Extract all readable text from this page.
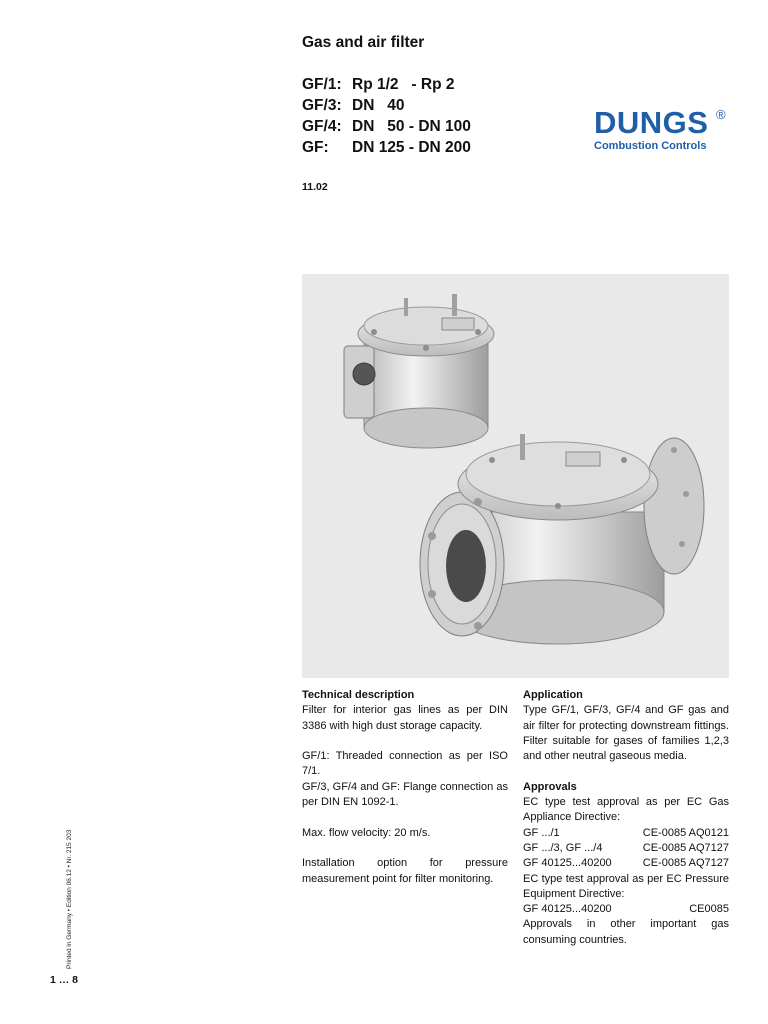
Gas and air filter
GF/1: Rp 1/2   - Rp 2
GF/3: DN   40
GF/4: DN   50 - DN 100
GF:	DN 125 - DN 200
11.02
DUNGS ®
Combustion Controls
Technical description
Filter for interior gas lines as per DIN 3386 with high dust storage capacity.
GF/1: Threaded connection as per ISO 7/1.
GF/3, GF/4 and GF: Flange connection as per DIN EN 1092-1.
Max. flow velocity: 20 m/s.
Installation option for pressure measurement point for filter monitoring.
Application
Type GF/1, GF/3, GF/4 and GF gas and air filter for protecting downstream fittings. Filter suitable for gases of families 1,2,3 and other neutral gaseous media.
Approvals
EC type test approval as per EC Gas Appliance Directive:
GF .../1	CE-0085 AQ0121
GF .../3, GF .../4	CE-0085 AQ7127
GF 40125...40200	CE-0085 AQ7127
EC type test approval as per EC Pressure Equipment Directive:
GF 40125...40200	CE0085
Approvals in other important gas consuming countries.
Printed in Germany • Edition 06.12 • Nr. 215 203
1 … 8
